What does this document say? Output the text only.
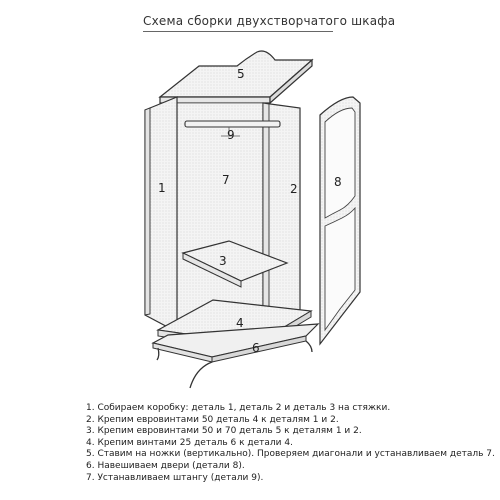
Схема сборки двухстворчатого шкафа
5
9
1
7
2	8
3
4
6
1. Собираем коробку: деталь 1, деталь 2 и деталь 3 на стяжки.
2. Крепим евровинтами 50 деталь 4 к деталям 1 и 2.
3. Крепим евровинтами 50 и 70 деталь 5 к деталям 1 и 2.
4. Крепим винтами 25 деталь 6 к детали 4.
5. Ставим на ножки (вертикально). Проверяем диагонали и устанавливаем деталь 7.
6. Навешиваем двери (детали 8).
7. Устанавливаем штангу (детали 9).
